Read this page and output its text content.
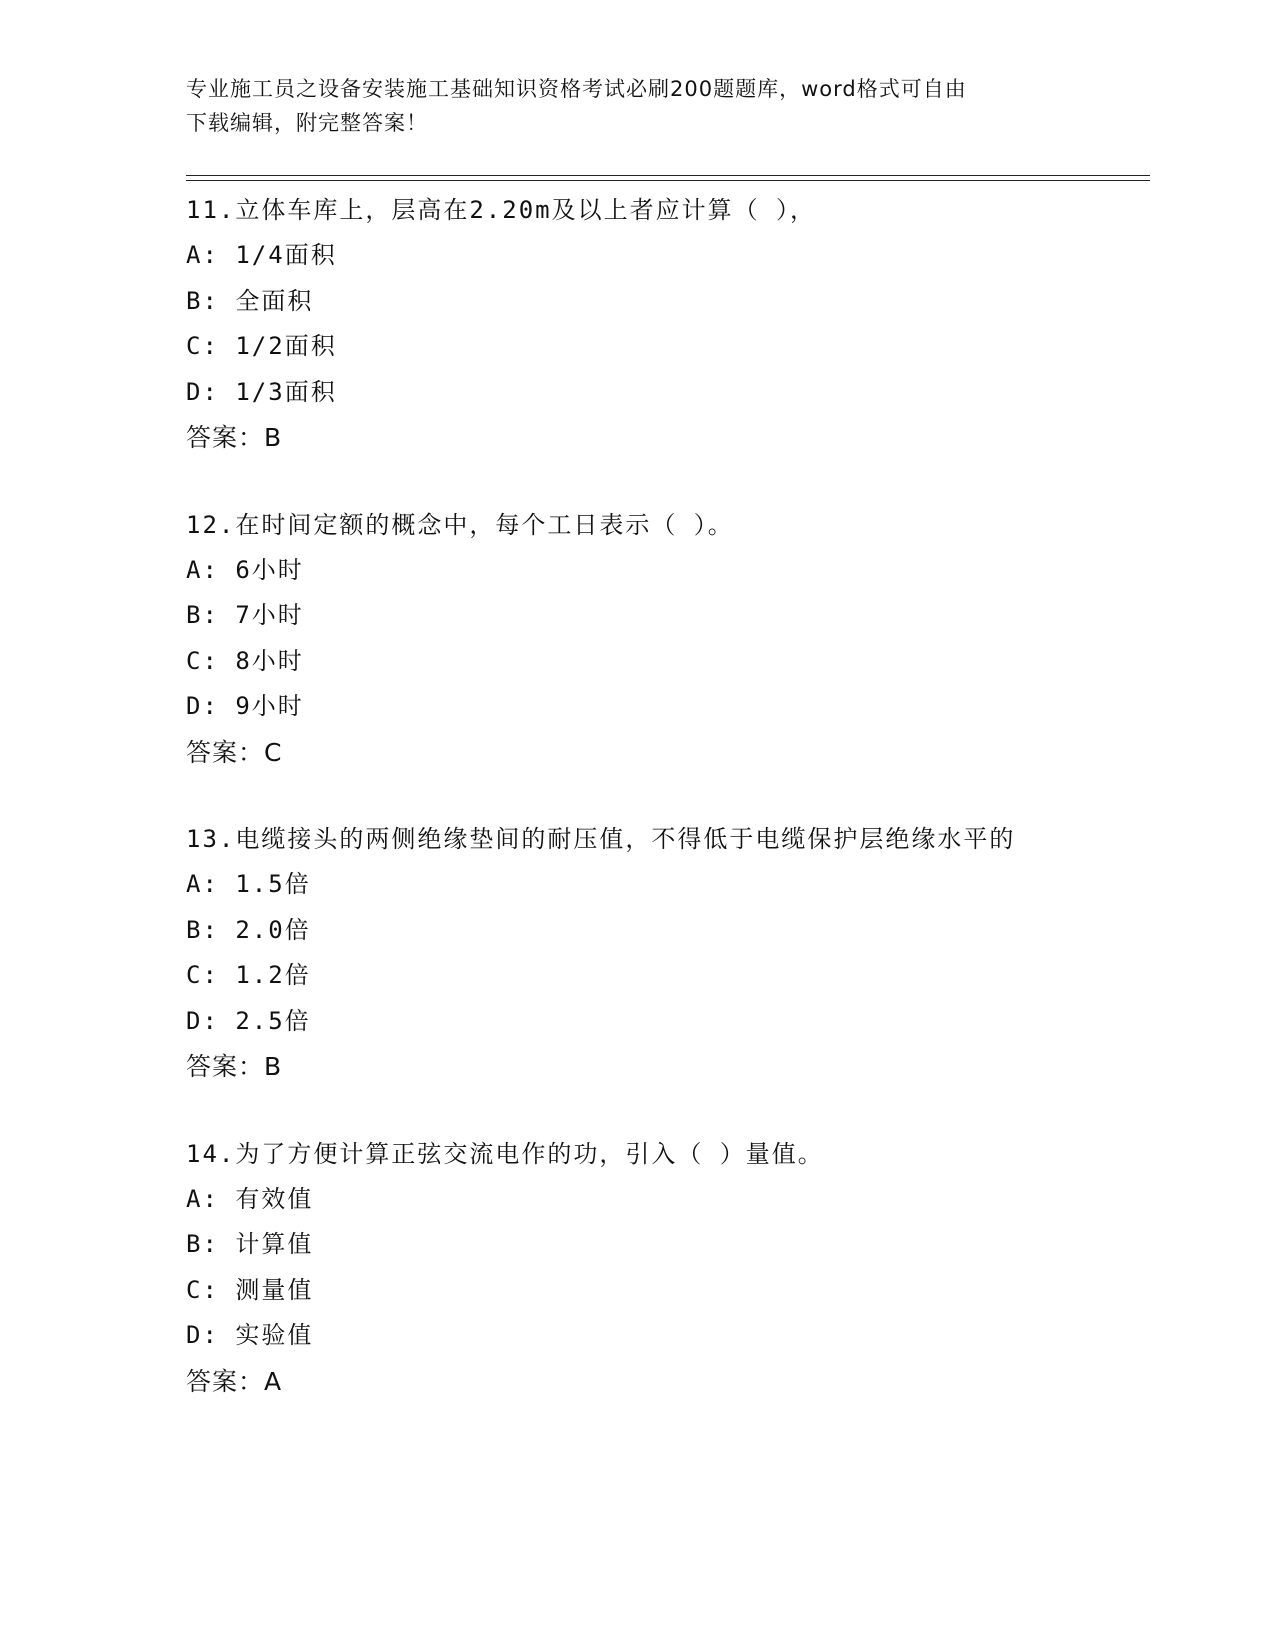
专业施工员之设备安装施工基础知识资格考试必刷200题题库，word格式可自由
下载编辑，附完整答案！
11.立体车库上，层高在2.20m及以上者应计算（ ），
A: 1/4面积
B: 全面积
C: 1/2面积
D: 1/3面积
答案：B
12.在时间定额的概念中，每个工日表示（ ）。
A: 6小时
B: 7小时
C: 8小时
D: 9小时
答案：C
13.电缆接头的两侧绝缘垫间的耐压值，不得低于电缆保护层绝缘水平的
A: 1.5倍
B: 2.0倍
C: 1.2倍
D: 2.5倍
答案：B
14.为了方便计算正弦交流电作的功，引入（ ）量值。
A: 有效值
B: 计算值
C: 测量值
D: 实验值
答案：A
